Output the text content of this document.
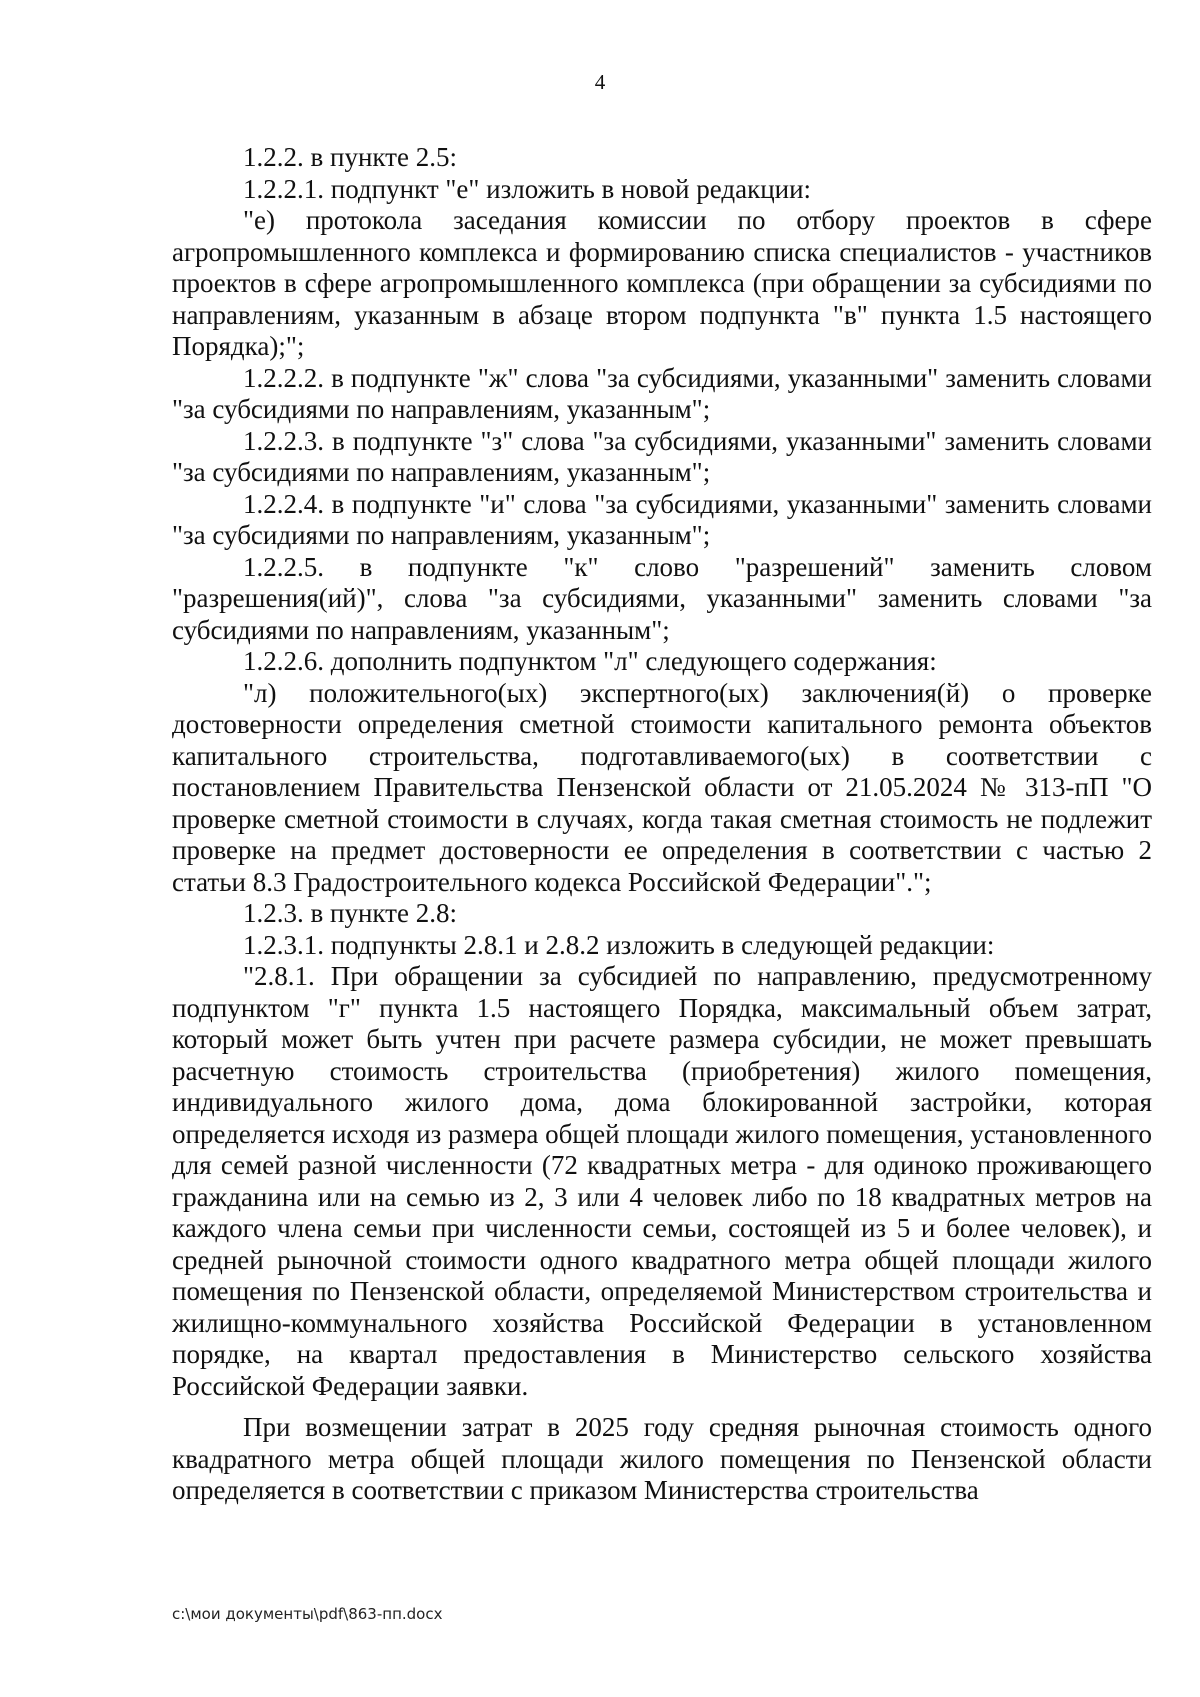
4

1.2.2. в пункте 2.5:

1.2.2.1. подпункт "е" изложить в новой редакции:

"е) протокола заседания комиссии по отбору проектов в сфере агропромышленного комплекса и формированию списка специалистов - участников проектов в сфере агропромышленного комплекса (при обращении за субсидиями по направлениям, указанным в абзаце втором подпункта "в" пункта 1.5 настоящего Порядка);";

1.2.2.2. в подпункте "ж" слова "за субсидиями, указанными" заменить словами "за субсидиями по направлениям, указанным";

1.2.2.3. в подпункте "з" слова "за субсидиями, указанными" заменить словами "за субсидиями по направлениям, указанным";

1.2.2.4. в подпункте "и" слова "за субсидиями, указанными" заменить словами "за субсидиями по направлениям, указанным";

1.2.2.5. в подпункте "к" слово "разрешений" заменить словом "разрешения(ий)", слова "за субсидиями, указанными" заменить словами "за субсидиями по направлениям, указанным";

1.2.2.6. дополнить подпунктом "л" следующего содержания:

"л) положительного(ых) экспертного(ых) заключения(й) о проверке достоверности определения сметной стоимости капитального ремонта объектов капитального строительства, подготавливаемого(ых) в соответствии с постановлением Правительства Пензенской области от 21.05.2024 № 313-пП "О проверке сметной стоимости в случаях, когда такая сметная стоимость не подлежит проверке на предмет достоверности ее определения в соответствии с частью 2 статьи 8.3 Градостроительного кодекса Российской Федерации".";

1.2.3. в пункте 2.8:

1.2.3.1. подпункты 2.8.1 и 2.8.2 изложить в следующей редакции:

"2.8.1. При обращении за субсидией по направлению, предусмотренному подпунктом "г" пункта 1.5 настоящего Порядка, максимальный объем затрат, который может быть учтен при расчете размера субсидии, не может превышать расчетную стоимость строительства (приобретения) жилого помещения, индивидуального жилого дома, дома блокированной застройки, которая определяется исходя из размера общей площади жилого помещения, установленного для семей разной численности (72 квадратных метра - для одиноко проживающего гражданина или на семью из 2, 3 или 4 человек либо по 18 квадратных метров на каждого члена семьи при численности семьи, состоящей из 5 и более человек), и средней рыночной стоимости одного квадратного метра общей площади жилого помещения по Пензенской области, определяемой Министерством строительства и жилищно-коммунального хозяйства Российской Федерации в установленном порядке, на квартал предоставления в Министерство сельского хозяйства Российской Федерации заявки.

При возмещении затрат в 2025 году средняя рыночная стоимость одного квадратного метра общей площади жилого помещения по Пензенской области определяется в соответствии с приказом Министерства строительства

c:\мои документы\pdf\863-пп.docx
